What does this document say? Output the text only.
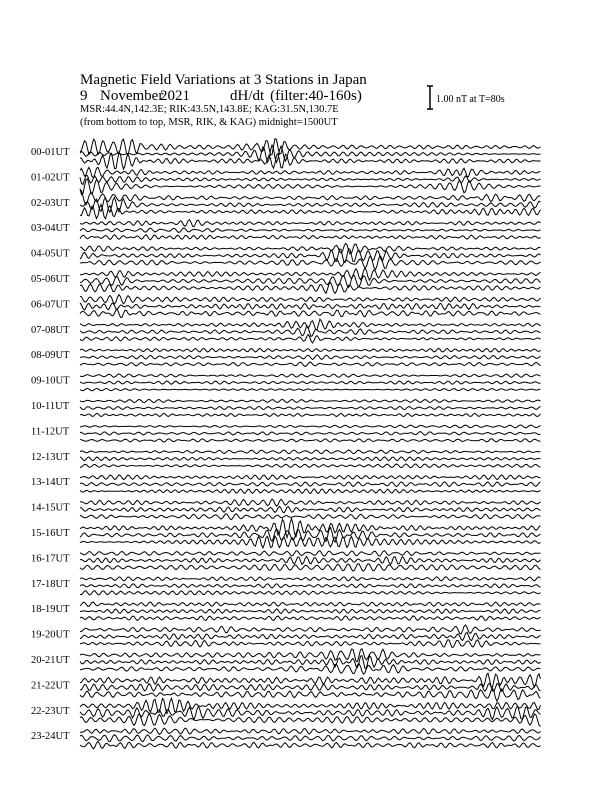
Magnetic Field Variations at 3 Stations in Japan
9 November2021	dH/dt (filter:40-160s)
MSR:44.4N,142.3E; RIK:43.5N,143.8E; KAG:31.5N,130.7E
(from bottom to top, MSR, RIK, & KAG) midnight=1500UT
1.00 nT at T=80s
00-01UT
01-02UT
02-03UT
03-04UT
04-05UT
05-06UT
06-07UT
07-08UT
08-09UT
09-10UT
10-11UT
11-12UT
12-13UT
13-14UT
14-15UT
15-16UT
16-17UT
17-18UT
18-19UT
19-20UT
20-21UT
21-22UT
22-23UT
23-24UT
